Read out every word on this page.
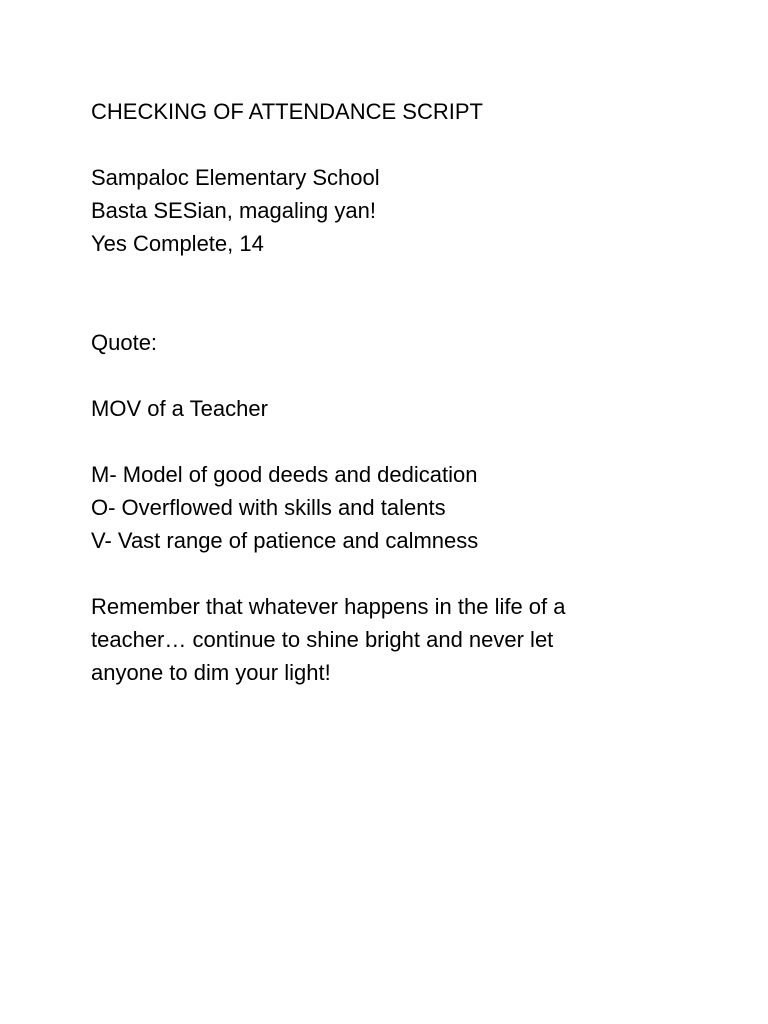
CHECKING OF ATTENDANCE SCRIPT

Sampaloc Elementary School

Basta SESian, magaling yan!

Yes Complete, 14

Quote:

MOV of a Teacher

M- Model of good deeds and dedication

O- Overflowed with skills and talents

V- Vast range of patience and calmness

Remember that whatever happens in the life of a

teacher… continue to shine bright and never let

anyone to dim your light!
